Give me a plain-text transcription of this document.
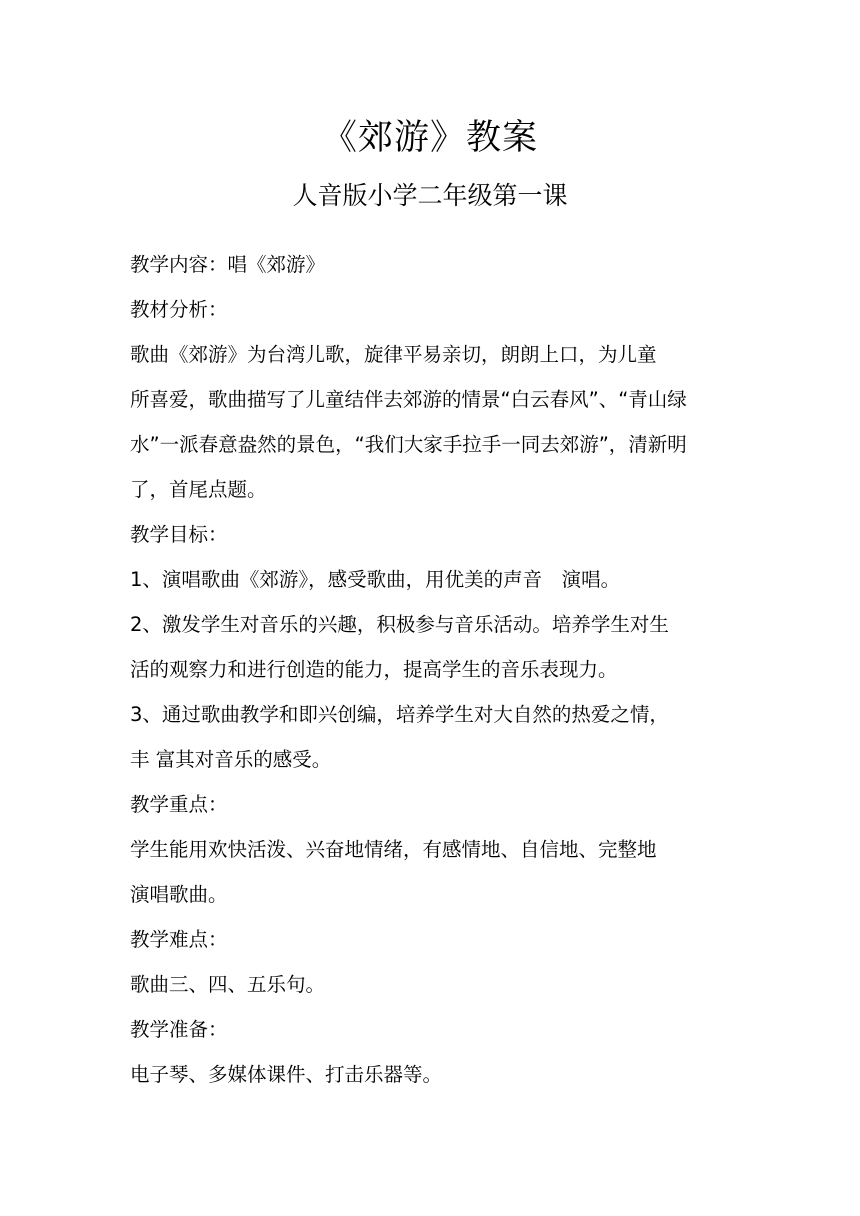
《郊游》教案
人音版小学二年级第一课

教学内容：唱《郊游》

教材分析：

歌曲《郊游》为台湾儿歌，旋律平易亲切，朗朗上口，为儿童

所喜爱，歌曲描写了儿童结伴去郊游的情景“白云春风”、“青山绿

水”一派春意盎然的景色，“我们大家手拉手一同去郊游”，清新明

了，首尾点题。

教学目标：

1、演唱歌曲《郊游》，感受歌曲，用优美的声音　演唱。

2、激发学生对音乐的兴趣，积极参与音乐活动。培养学生对生

活的观察力和进行创造的能力，提高学生的音乐表现力。

3、通过歌曲教学和即兴创编，培养学生对大自然的热爱之情，

丰 富其对音乐的感受。

教学重点：

学生能用欢快活泼、兴奋地情绪，有感情地、自信地、完整地

演唱歌曲。

教学难点：

歌曲三、四、五乐句。

教学准备：

电子琴、多媒体课件、打击乐器等。
